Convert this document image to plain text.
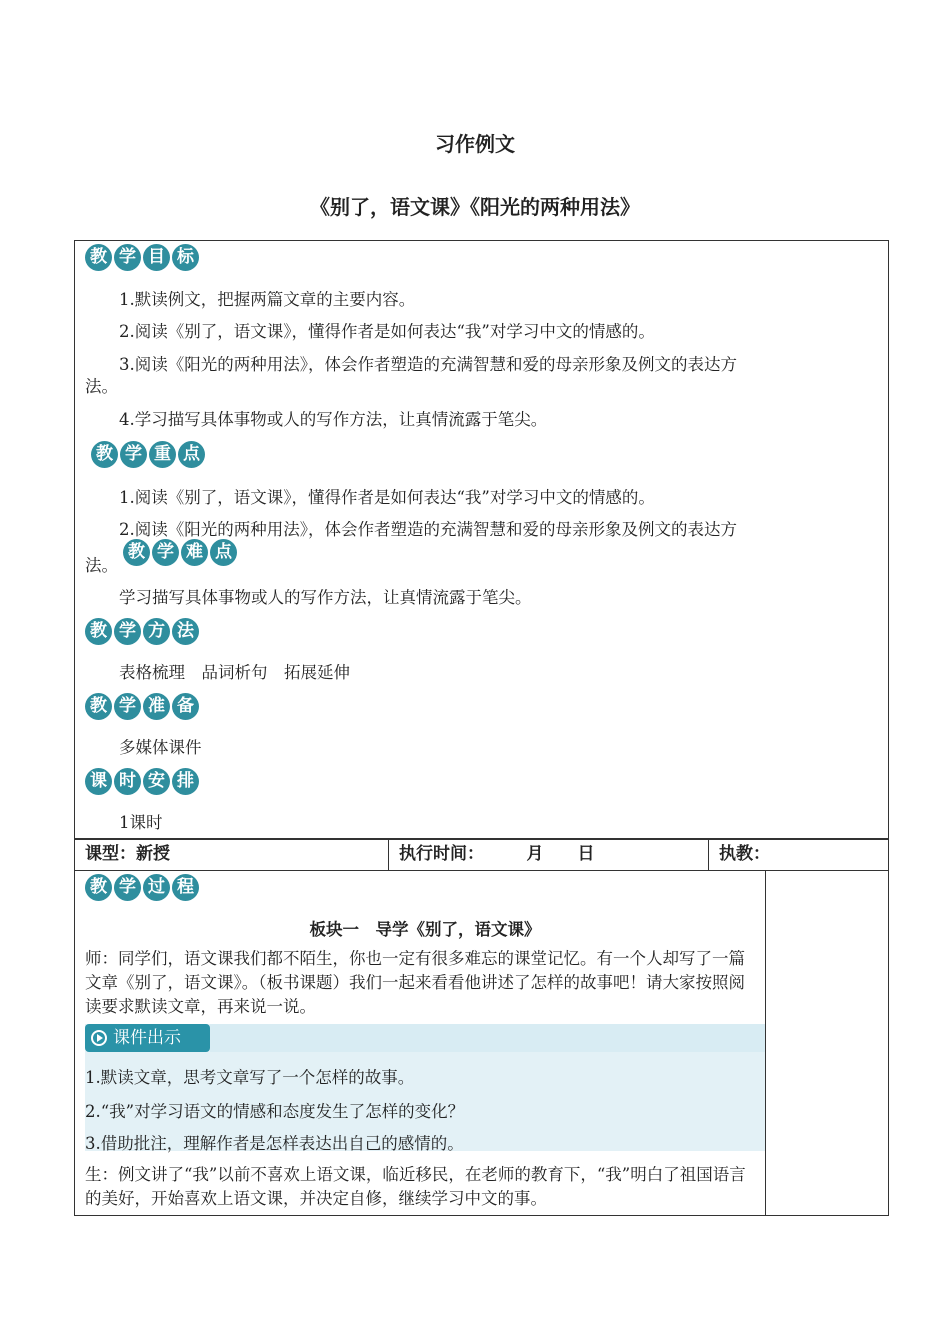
习作例文
《别了，语文课》《阳光的两种用法》
教 学 目 标
1.默读例文，把握两篇文章的主要内容。
2.阅读《别了，语文课》，懂得作者是如何表达“我”对学习中文的情感的。
3.阅读《阳光的两种用法》，体会作者塑造的充满智慧和爱的母亲形象及例文的表达方
法。
4.学习描写具体事物或人的写作方法，让真情流露于笔尖。
教 学 重 点
1.阅读《别了，语文课》，懂得作者是如何表达“我”对学习中文的情感的。
2.阅读《阳光的两种用法》，体会作者塑造的充满智慧和爱的母亲形象及例文的表达方
法。
教 学 难 点
学习描写具体事物或人的写作方法，让真情流露于笔尖。
教 学 方 法
表格梳理　品词析句　拓展延伸
教 学 准 备
多媒体课件
课 时 安 排
1课时
课型：新授	执行时间：　　　月　　日	执教：
教 学 过 程
板块一　导学《别了，语文课》
师：同学们，语文课我们都不陌生，你也一定有很多难忘的课堂记忆。有一个人却写了一篇文章《别了，语文课》。（板书课题）我们一起来看看他讲述了怎样的故事吧！请大家按照阅读要求默读文章，再来说一说。
课件出示
1.默读文章，思考文章写了一个怎样的故事。
2.“我”对学习语文的情感和态度发生了怎样的变化？
3.借助批注，理解作者是怎样表达出自己的感情的。
生：例文讲了“我”以前不喜欢上语文课，临近移民，在老师的教育下，“我”明白了祖国语言的美好，开始喜欢上语文课，并决定自修，继续学习中文的事。
